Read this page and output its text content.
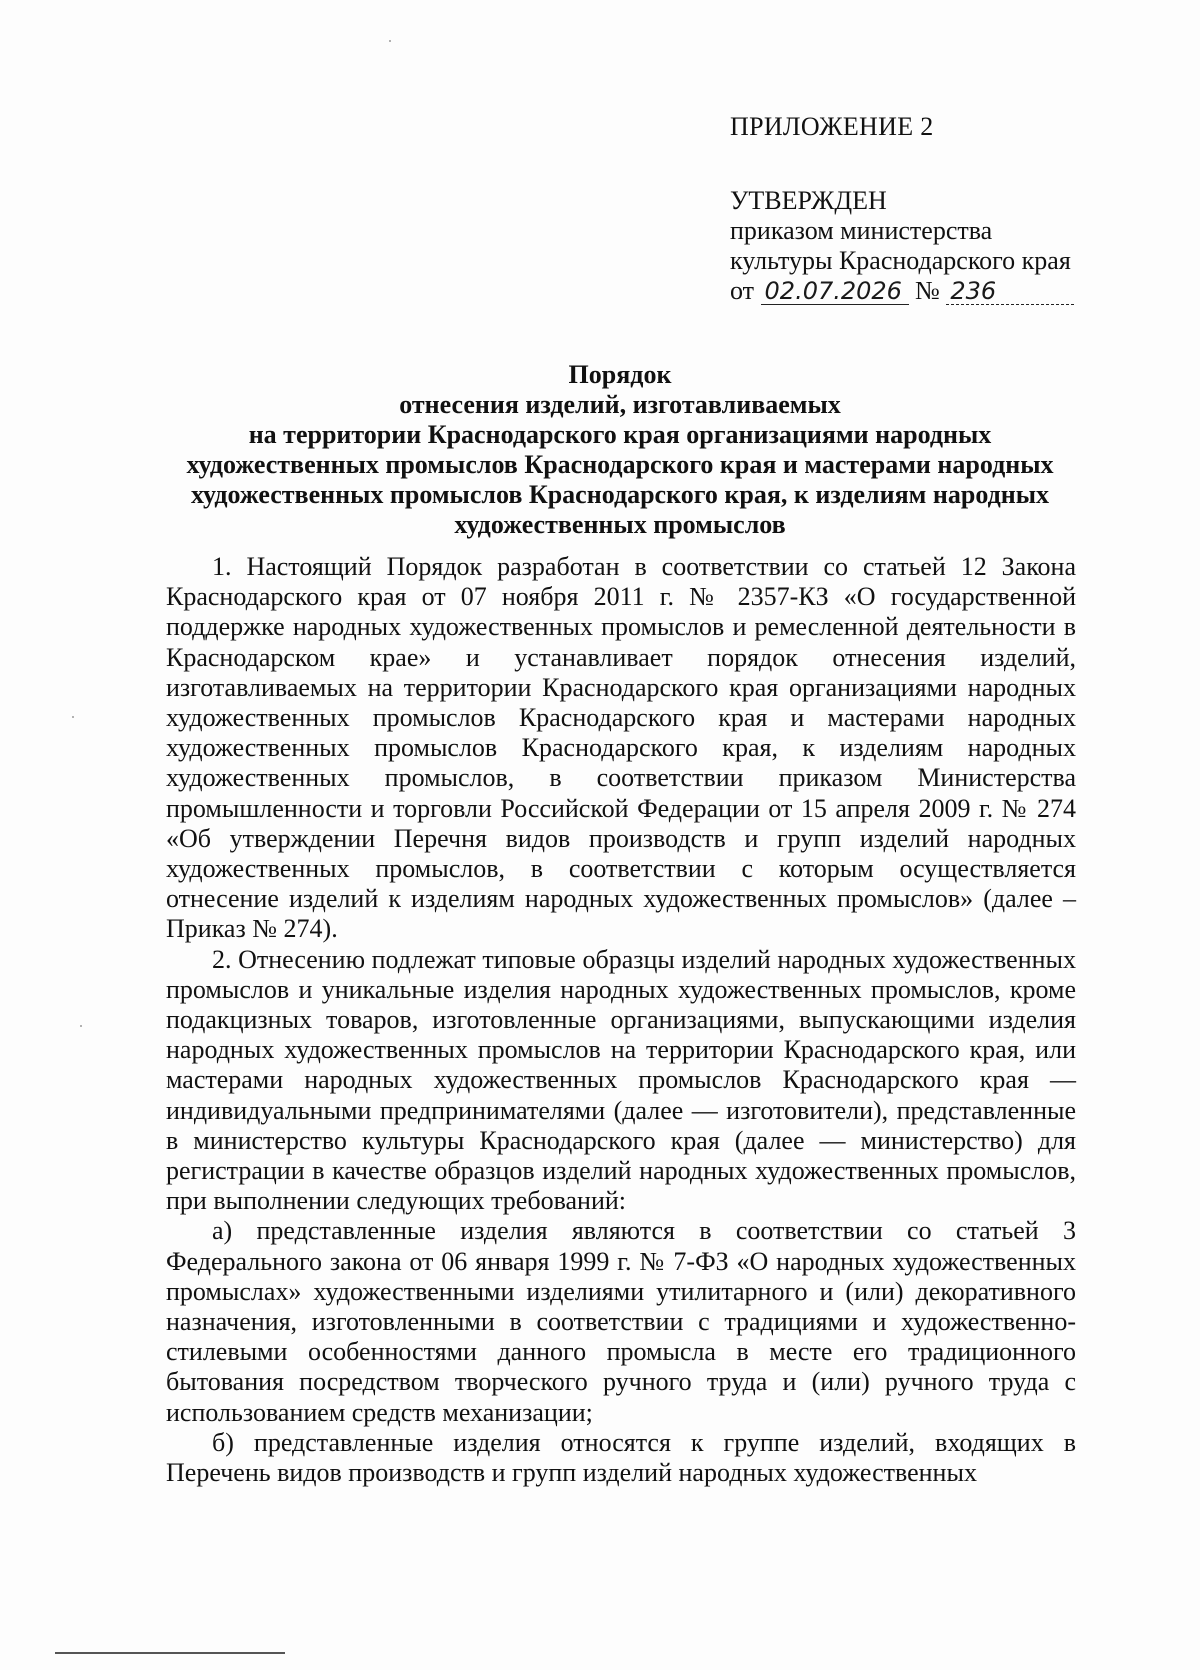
ПРИЛОЖЕНИЕ 2

УТВЕРЖДЕН

приказом министерства

культуры Краснодарского края

от 02.07.2026 № 236

Порядок

отнесения изделий, изготавливаемых

на территории Краснодарского края организациями народных

художественных промыслов Краснодарского края и мастерами народных

художественных промыслов Краснодарского края, к изделиям народных

художественных промыслов

1. Настоящий Порядок разработан в соответствии со статьей 12 Закона Краснодарского края от 07 ноября 2011 г. № 2357-КЗ «О государственной поддержке народных художественных промыслов и ремесленной деятельности в Краснодарском крае» и устанавливает порядок отнесения изделий, изготавливаемых на территории Краснодарского края организациями народных художественных промыслов Краснодарского края и мастерами народных художественных промыслов Краснодарского края, к изделиям народных художественных промыслов, в соответствии приказом Министерства промышленности и торговли Российской Федерации от 15 апреля 2009 г. № 274 «Об утверждении Перечня видов производств и групп изделий народных художественных промыслов, в соответствии с которым осуществляется отнесение изделий к изделиям народных художественных промыслов» (далее – Приказ № 274).

2. Отнесению подлежат типовые образцы изделий народных художественных промыслов и уникальные изделия народных художественных промыслов, кроме подакцизных товаров, изготовленные организациями, выпускающими изделия народных художественных промыслов на территории Краснодарского края, или мастерами народных художественных промыслов Краснодарского края — индивидуальными предпринимателями (далее — изготовители), представленные в министерство культуры Краснодарского края (далее — министерство) для регистрации в качестве образцов изделий народных художественных промыслов, при выполнении следующих требований:

а) представленные изделия являются в соответствии со статьей 3 Федерального закона от 06 января 1999 г. № 7-ФЗ «О народных художественных промыслах» художественными изделиями утилитарного и (или) декоративного назначения, изготовленными в соответствии с традициями и художественно-стилевыми особенностями данного промысла в месте его традиционного бытования посредством творческого ручного труда и (или) ручного труда с использованием средств механизации;

б) представленные изделия относятся к группе изделий, входящих в Перечень видов производств и групп изделий народных художественных
